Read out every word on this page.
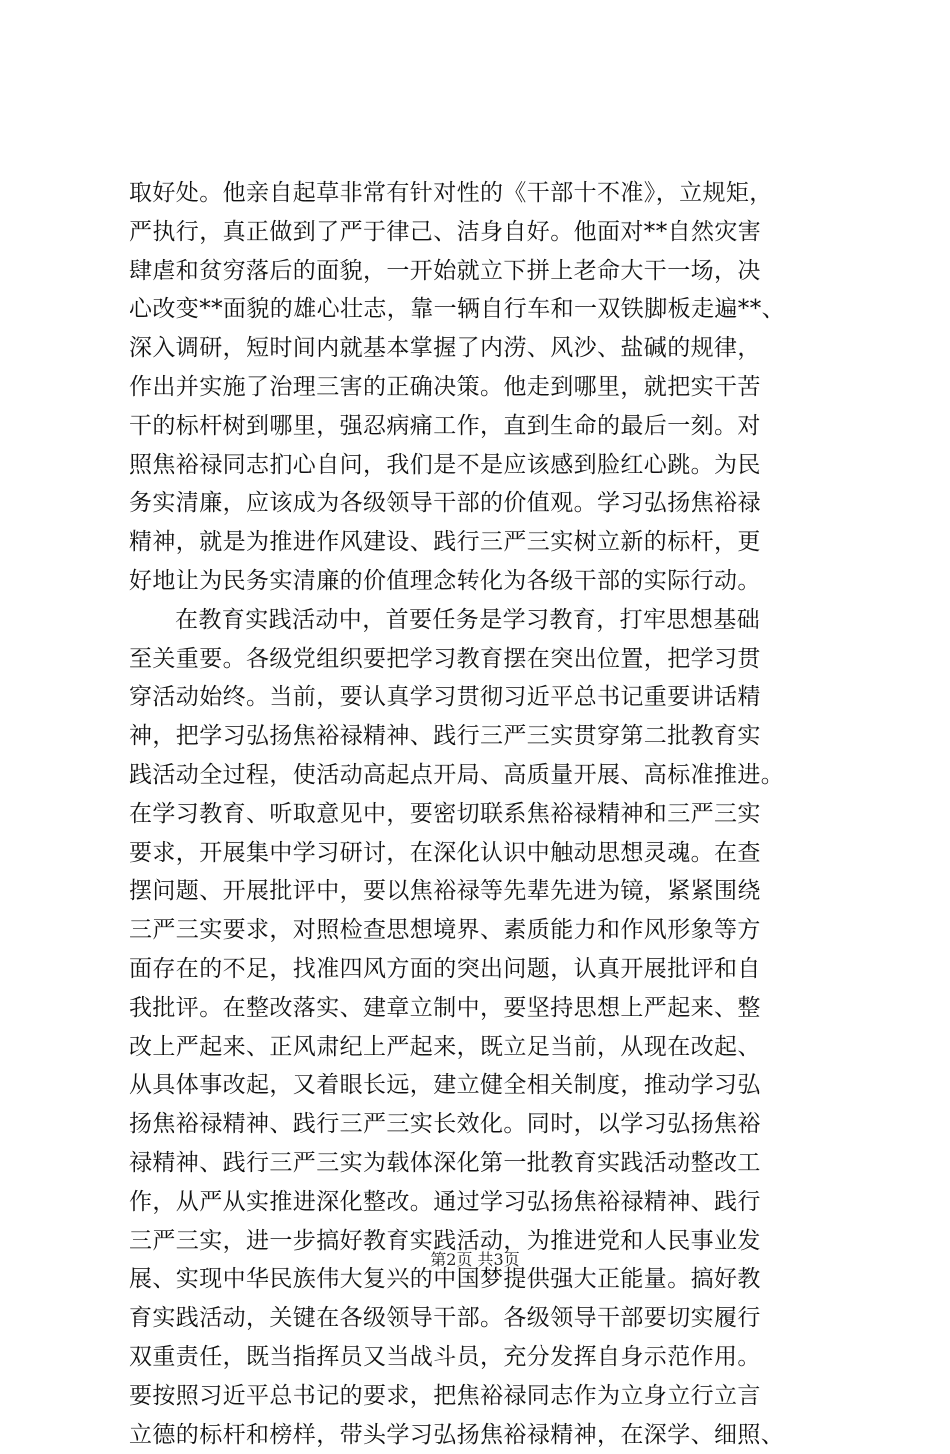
取好处。他亲自起草非常有针对性的《干部十不准》，立规矩，
严执行，真正做到了严于律己、洁身自好。他面对**自然灾害
肆虐和贫穷落后的面貌，一开始就立下拼上老命大干一场，决
心改变**面貌的雄心壮志，靠一辆自行车和一双铁脚板走遍**、
深入调研，短时间内就基本掌握了内涝、风沙、盐碱的规律，
作出并实施了治理三害的正确决策。他走到哪里，就把实干苦
干的标杆树到哪里，强忍病痛工作，直到生命的最后一刻。对
照焦裕禄同志扪心自问，我们是不是应该感到脸红心跳。为民
务实清廉，应该成为各级领导干部的价值观。学习弘扬焦裕禄
精神，就是为推进作风建设、践行三严三实树立新的标杆，更
好地让为民务实清廉的价值理念转化为各级干部的实际行动。
在教育实践活动中，首要任务是学习教育，打牢思想基础
至关重要。各级党组织要把学习教育摆在突出位置，把学习贯
穿活动始终。当前，要认真学习贯彻习近平总书记重要讲话精
神，把学习弘扬焦裕禄精神、践行三严三实贯穿第二批教育实
践活动全过程，使活动高起点开局、高质量开展、高标准推进。
在学习教育、听取意见中，要密切联系焦裕禄精神和三严三实
要求，开展集中学习研讨，在深化认识中触动思想灵魂。在查
摆问题、开展批评中，要以焦裕禄等先辈先进为镜，紧紧围绕
三严三实要求，对照检查思想境界、素质能力和作风形象等方
面存在的不足，找准四风方面的突出问题，认真开展批评和自
我批评。在整改落实、建章立制中，要坚持思想上严起来、整
改上严起来、正风肃纪上严起来，既立足当前，从现在改起、
从具体事改起，又着眼长远，建立健全相关制度，推动学习弘
扬焦裕禄精神、践行三严三实长效化。同时，以学习弘扬焦裕
禄精神、践行三严三实为载体深化第一批教育实践活动整改工
作，从严从实推进深化整改。通过学习弘扬焦裕禄精神、践行
三严三实，进一步搞好教育实践活动，为推进党和人民事业发
展、实现中华民族伟大复兴的中国梦提供强大正能量。搞好教
育实践活动，关键在各级领导干部。各级领导干部要切实履行
双重责任，既当指挥员又当战斗员，充分发挥自身示范作用。
要按照习近平总书记的要求，把焦裕禄同志作为立身立行立言
立德的标杆和榜样，带头学习弘扬焦裕禄精神，在深学、细照、
第2页 共3页
